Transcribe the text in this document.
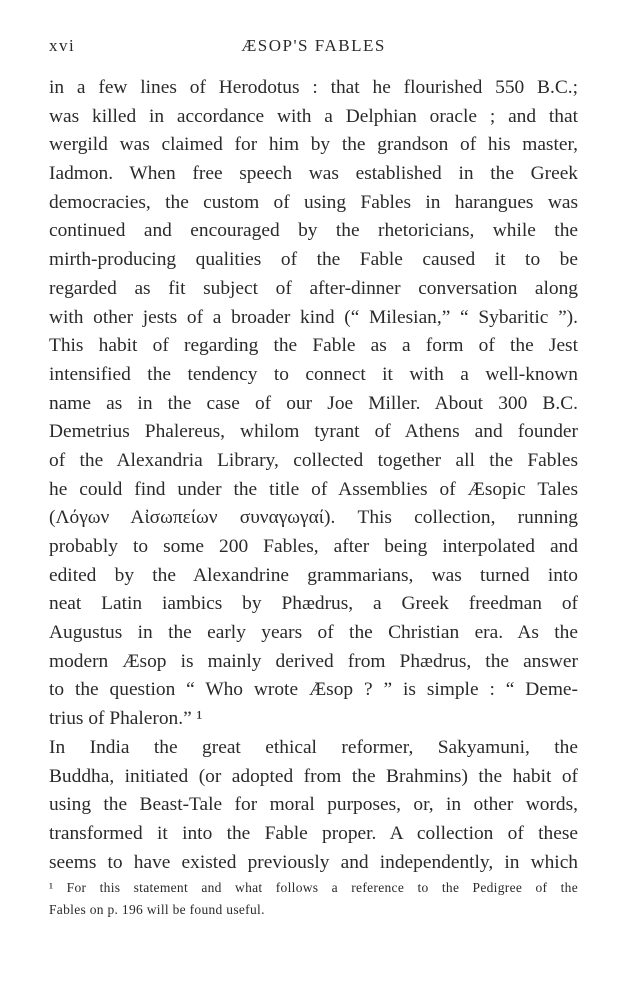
xvi	ÆSOP'S FABLES
in a few lines of Herodotus : that he flourished 550 B.C.;
was killed in accordance with a Delphian oracle ; and that
wergild was claimed for him by the grandson of his master,
Iadmon. When free speech was established in the Greek
democracies, the custom of using Fables in harangues was
continued and encouraged by the rhetoricians, while the
mirth-producing qualities of the Fable caused it to be
regarded as fit subject of after-dinner conversation along
with other jests of a broader kind (“ Milesian,” “ Sybaritic ”).
This habit of regarding the Fable as a form of the Jest
intensified the tendency to connect it with a well-known
name as in the case of our Joe Miller. About 300 B.C.
Demetrius Phalereus, whilom tyrant of Athens and founder
of the Alexandria Library, collected together all the Fables
he could find under the title of Assemblies of Æsopic Tales
(Λόγων Αἰσωπείων συναγωγαί). This collection, running
probably to some 200 Fables, after being interpolated and
edited by the Alexandrine grammarians, was turned into
neat Latin iambics by Phædrus, a Greek freedman of
Augustus in the early years of the Christian era. As the
modern Æsop is mainly derived from Phædrus, the answer
to the question “ Who wrote Æsop ? ” is simple : “ Deme-
trius of Phaleron.” ¹
In India the great ethical reformer, Sakyamuni, the
Buddha, initiated (or adopted from the Brahmins) the habit of
using the Beast-Tale for moral purposes, or, in other words,
transformed it into the Fable proper. A collection of these
seems to have existed previously and independently, in which
¹ For this statement and what follows a reference to the Pedigree of the
Fables on p. 196 will be found useful.
